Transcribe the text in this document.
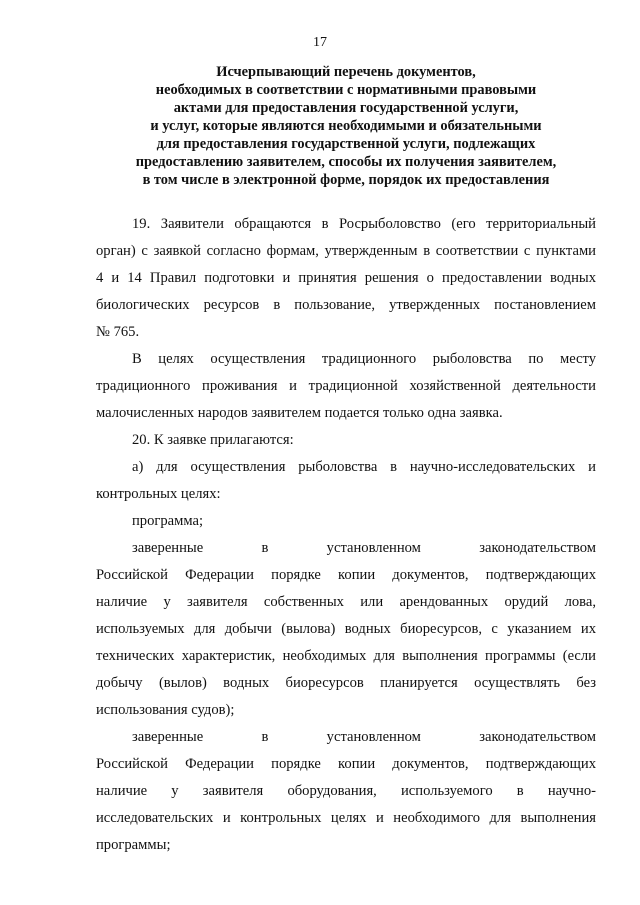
17
Исчерпывающий перечень документов,
необходимых в соответствии с нормативными правовыми
актами для предоставления государственной услуги,
и услуг, которые являются необходимыми и обязательными
для предоставления государственной услуги, подлежащих
предоставлению заявителем, способы их получения заявителем,
в том числе в электронной форме, порядок их предоставления
19. Заявители обращаются в Росрыболовство (его территориальный
орган) с заявкой согласно формам, утвержденным в соответствии с пунктами
4 и 14 Правил подготовки и принятия решения о предоставлении водных
биологических ресурсов в пользование, утвержденных постановлением
№ 765.
В целях осуществления традиционного рыболовства по месту
традиционного проживания и традиционной хозяйственной деятельности
малочисленных народов заявителем подается только одна заявка.
20. К заявке прилагаются:
а) для осуществления рыболовства в научно-исследовательских и
контрольных целях:
программа;
заверенные в установленном законодательством
Российской Федерации порядке копии документов, подтверждающих
наличие у заявителя собственных или арендованных орудий лова,
используемых для добычи (вылова) водных биоресурсов, с указанием их
технических характеристик, необходимых для выполнения программы (если
добычу (вылов) водных биоресурсов планируется осуществлять без
использования судов);
заверенные в установленном законодательством
Российской Федерации порядке копии документов, подтверждающих
наличие у заявителя оборудования, используемого в научно-
исследовательских и контрольных целях и необходимого для выполнения
программы;
